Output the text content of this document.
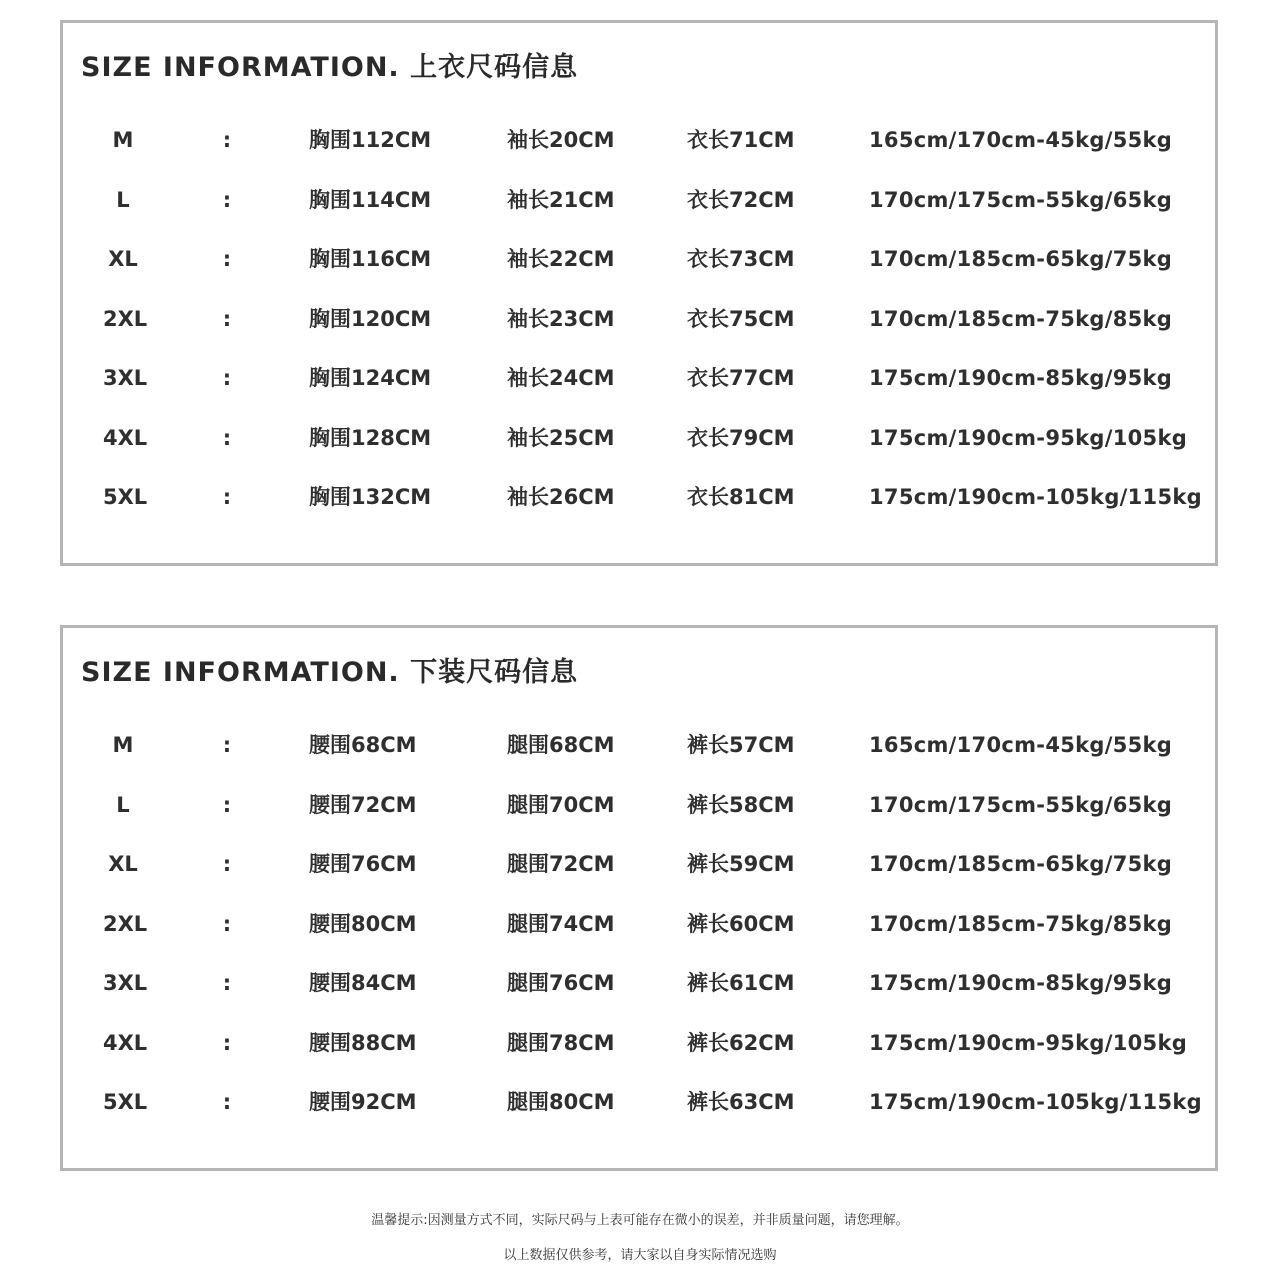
SIZE INFORMATION. 上衣尺码信息
M	:	胸围112CM	袖长20CM	衣长71CM	165cm/170cm-45kg/55kg
L	:	胸围114CM	袖长21CM	衣长72CM	170cm/175cm-55kg/65kg
XL	:	胸围116CM	袖长22CM	衣长73CM	170cm/185cm-65kg/75kg
2XL	:	胸围120CM	袖长23CM	衣长75CM	170cm/185cm-75kg/85kg
3XL	:	胸围124CM	袖长24CM	衣长77CM	175cm/190cm-85kg/95kg
4XL	:	胸围128CM	袖长25CM	衣长79CM	175cm/190cm-95kg/105kg
5XL	:	胸围132CM	袖长26CM	衣长81CM	175cm/190cm-105kg/115kg
SIZE INFORMATION. 下装尺码信息
M	:	腰围68CM	腿围68CM	裤长57CM	165cm/170cm-45kg/55kg
L	:	腰围72CM	腿围70CM	裤长58CM	170cm/175cm-55kg/65kg
XL	:	腰围76CM	腿围72CM	裤长59CM	170cm/185cm-65kg/75kg
2XL	:	腰围80CM	腿围74CM	裤长60CM	170cm/185cm-75kg/85kg
3XL	:	腰围84CM	腿围76CM	裤长61CM	175cm/190cm-85kg/95kg
4XL	:	腰围88CM	腿围78CM	裤长62CM	175cm/190cm-95kg/105kg
5XL	:	腰围92CM	腿围80CM	裤长63CM	175cm/190cm-105kg/115kg

温馨提示:因测量方式不同，实际尺码与上表可能存在微小的误差，并非质量问题，请您理解。

以上数据仅供参考，请大家以自身实际情况选购
